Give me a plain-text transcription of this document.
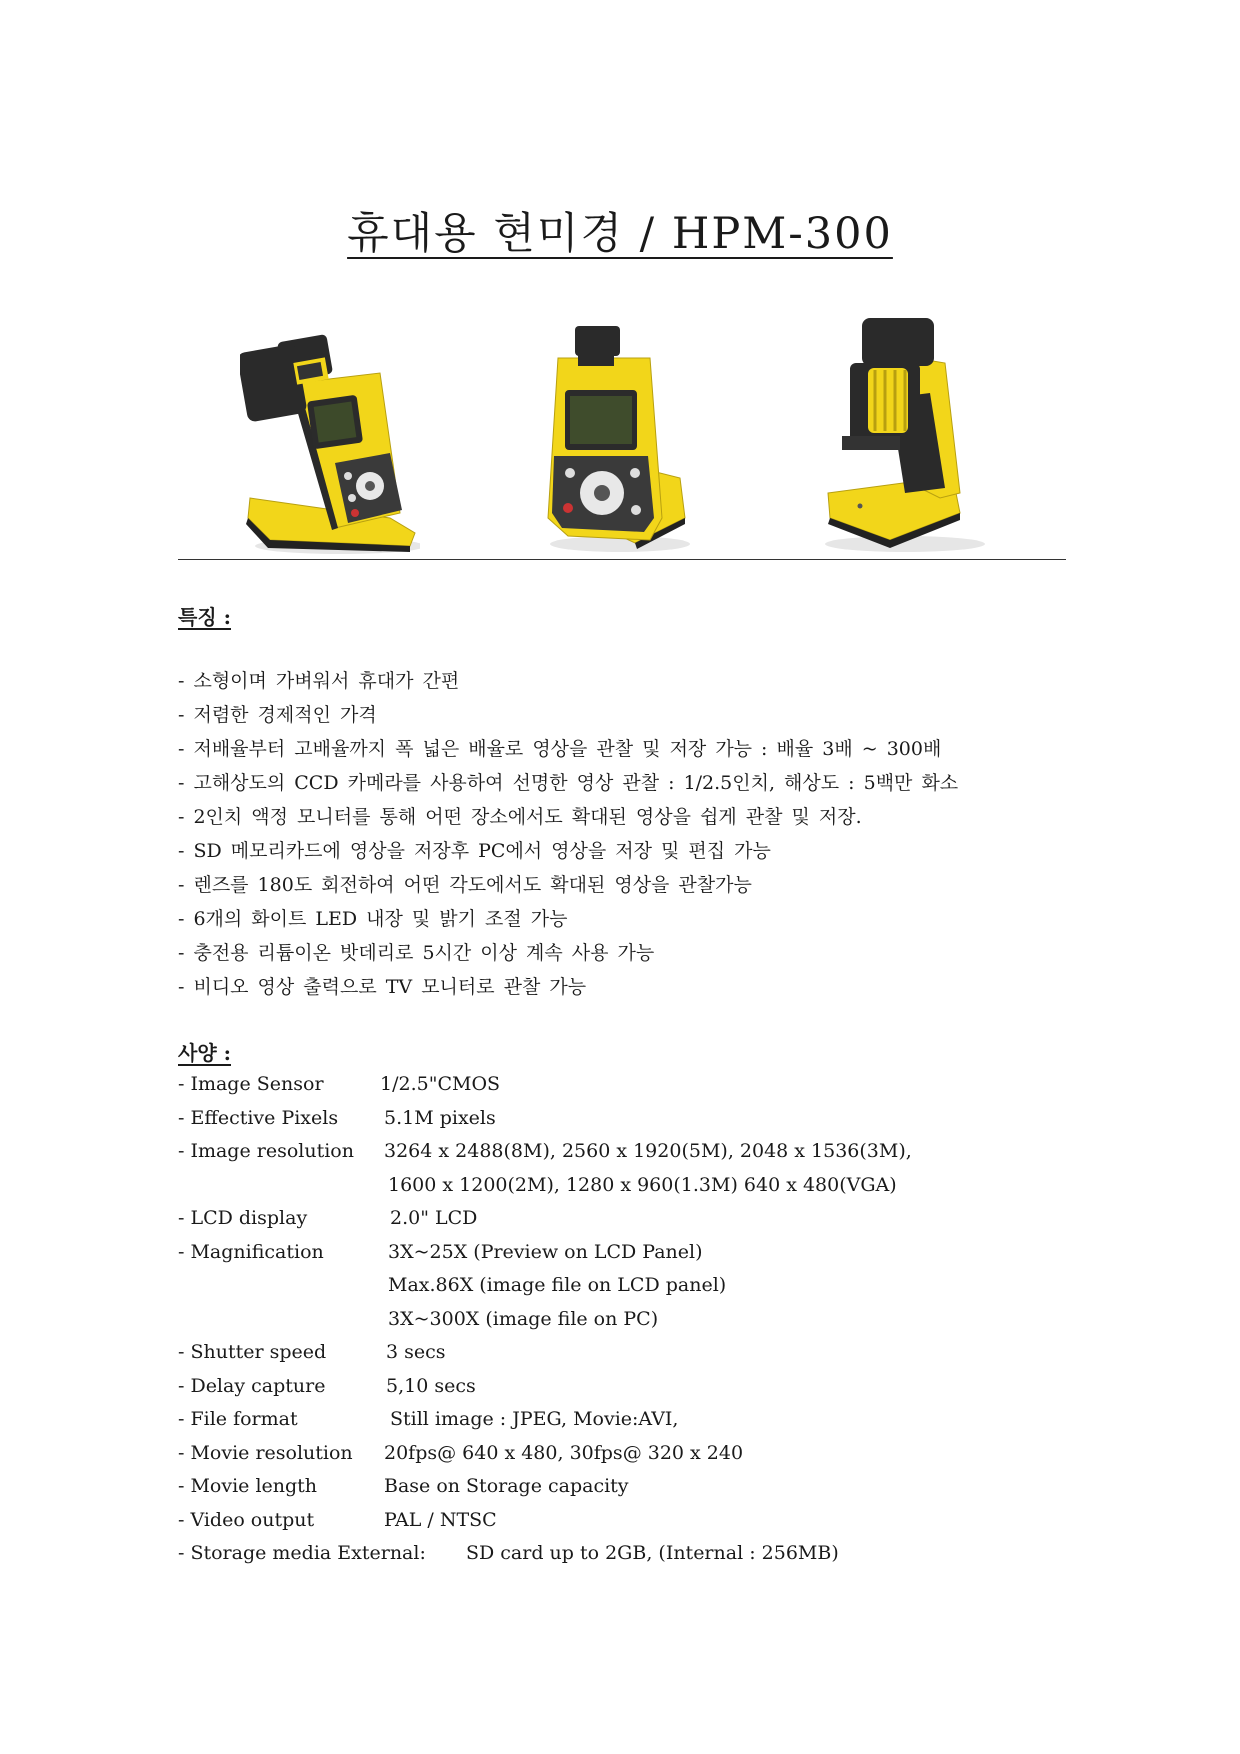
휴대용 현미경 / HPM-300
특징 :
- 소형이며 가벼워서 휴대가 간편
- 저렴한 경제적인 가격
- 저배율부터 고배율까지 폭 넓은 배율로 영상을 관찰 및 저장 가능 : 배율 3배 ~ 300배
- 고해상도의 CCD 카메라를 사용하여 선명한 영상 관찰 : 1/2.5인치, 해상도 : 5백만 화소
- 2인치 액정 모니터를 통해 어떤 장소에서도 확대된 영상을 쉽게 관찰 및 저장.
- SD 메모리카드에 영상을 저장후 PC에서 영상을 저장 및 편집 가능
- 렌즈를 180도 회전하여 어떤 각도에서도 확대된 영상을 관찰가능
- 6개의 화이트 LED 내장 및 밝기 조절 가능
- 충전용 리튬이온 밧데리로 5시간 이상 계속 사용 가능
- 비디오 영상 출력으로 TV 모니터로 관찰 가능
사양 :
- Image Sensor	1/2.5"CMOS
- Effective Pixels 5.1M pixels
- Image resolution 3264 x 2488(8M), 2560 x 1920(5M), 2048 x 1536(3M),
1600 x 1200(2M), 1280 x 960(1.3M) 640 x 480(VGA)
- LCD display	2.0" LCD
- Magnification	3X~25X (Preview on LCD Panel)
Max.86X (image file on LCD panel)
3X~300X (image file on PC)
- Shutter speed	3 secs
- Delay capture	5,10 secs
- File format	Still image : JPEG, Movie:AVI,
- Movie resolution 20fps@ 640 x 480, 30fps@ 320 x 240
- Movie length	Base on Storage capacity
- Video output	PAL / NTSC
- Storage media External: SD card up to 2GB, (Internal : 256MB)
